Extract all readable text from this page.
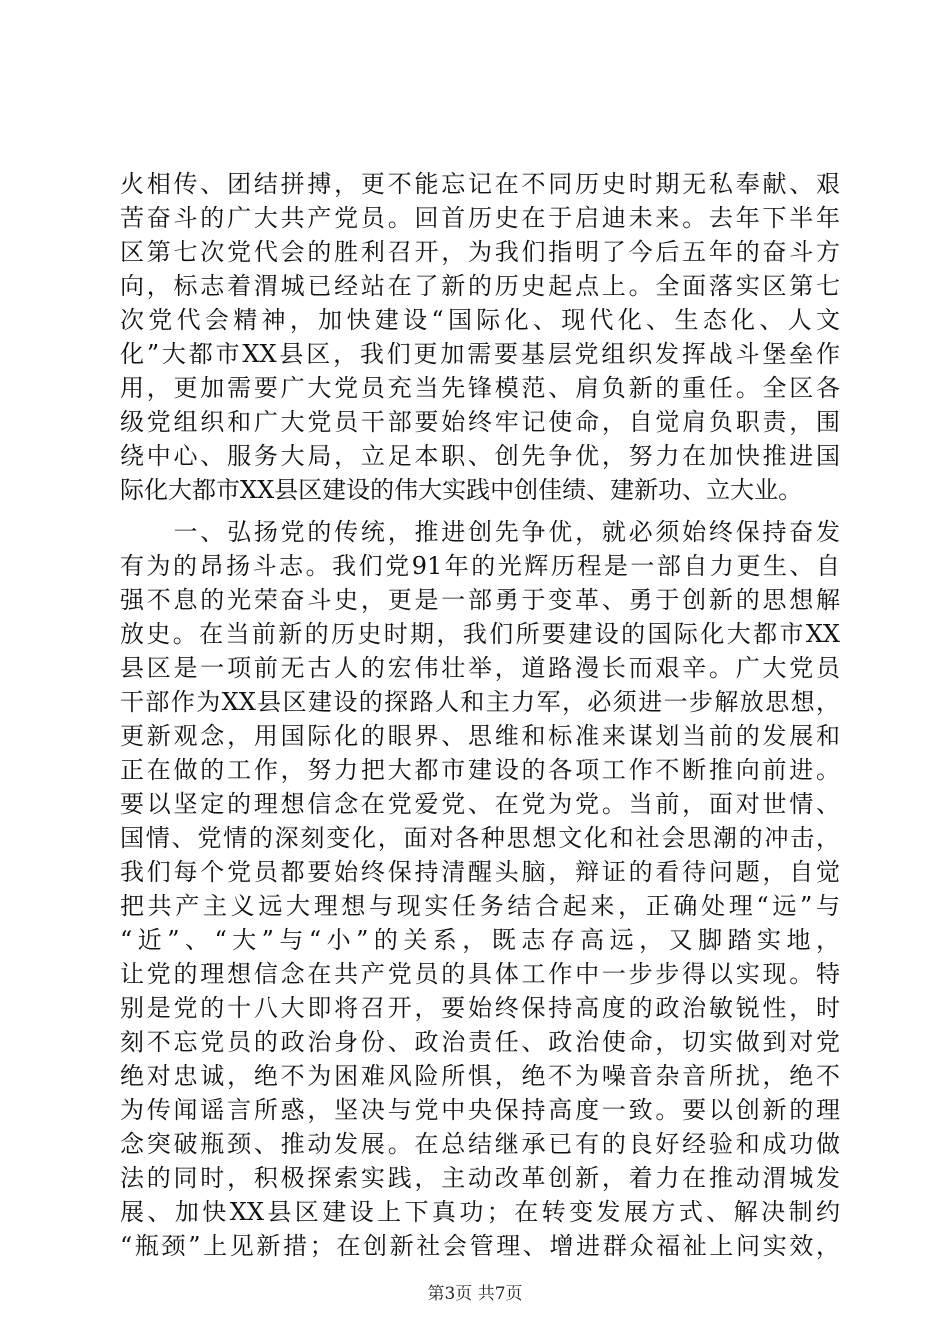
火相传、团结拼搏，更不能忘记在不同历史时期无私奉献、艰
苦奋斗的广大共产党员。回首历史在于启迪未来。去年下半年
区第七次党代会的胜利召开，为我们指明了今后五年的奋斗方
向，标志着渭城已经站在了新的历史起点上。全面落实区第七
次党代会精神，加快建设“国际化、现代化、生态化、人文
化”大都市XX县区，我们更加需要基层党组织发挥战斗堡垒作
用，更加需要广大党员充当先锋模范、肩负新的重任。全区各
级党组织和广大党员干部要始终牢记使命，自觉肩负职责，围
绕中心、服务大局，立足本职、创先争优，努力在加快推进国
际化大都市XX县区建设的伟大实践中创佳绩、建新功、立大业。
　　一、弘扬党的传统，推进创先争优，就必须始终保持奋发
有为的昂扬斗志。我们党91年的光辉历程是一部自力更生、自
强不息的光荣奋斗史，更是一部勇于变革、勇于创新的思想解
放史。在当前新的历史时期，我们所要建设的国际化大都市XX
县区是一项前无古人的宏伟壮举，道路漫长而艰辛。广大党员
干部作为XX县区建设的探路人和主力军，必须进一步解放思想，
更新观念，用国际化的眼界、思维和标准来谋划当前的发展和
正在做的工作，努力把大都市建设的各项工作不断推向前进。
要以坚定的理想信念在党爱党、在党为党。当前，面对世情、
国情、党情的深刻变化，面对各种思想文化和社会思潮的冲击，
我们每个党员都要始终保持清醒头脑，辩证的看待问题，自觉
把共产主义远大理想与现实任务结合起来，正确处理“远”与
“近”、“大”与“小”的关系，既志存高远，又脚踏实地，
让党的理想信念在共产党员的具体工作中一步步得以实现。特
别是党的十八大即将召开，要始终保持高度的政治敏锐性，时
刻不忘党员的政治身份、政治责任、政治使命，切实做到对党
绝对忠诚，绝不为困难风险所惧，绝不为噪音杂音所扰，绝不
为传闻谣言所惑，坚决与党中央保持高度一致。要以创新的理
念突破瓶颈、推动发展。在总结继承已有的良好经验和成功做
法的同时，积极探索实践，主动改革创新，着力在推动渭城发
展、加快XX县区建设上下真功；在转变发展方式、解决制约
“瓶颈”上见新措；在创新社会管理、增进群众福祉上问实效，
第3页 共7页
